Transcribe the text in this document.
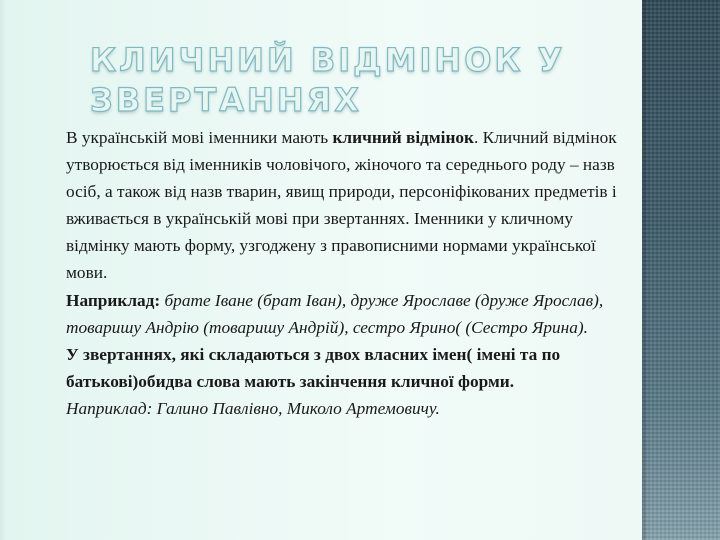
КЛИЧНИЙ ВІДМІНОК У
ЗВЕРТАННЯХ

В українській мові іменники мають кличний відмінок. Кличний відмінок утворюється від іменників чоловічого, жіночого та середнього роду – назв осіб, а також від назв тварин, явищ природи, персоніфікованих предметів і вживається в українській мові при звертаннях. Іменники у кличному відмінку мають форму, узгоджену з правописними нормами української мови.

Наприклад: брате Іване (брат Іван), друже Ярославе (друже Ярослав), товаришу Андрію (товаришу Андрій), сестро Ярино( (Сестро Ярина).

У звертаннях, які складаються з двох власних імен( імені та по батькові)обидва слова мають закінчення кличної форми.

Наприклад: Галино Павлівно, Миколо Артемовичу.
